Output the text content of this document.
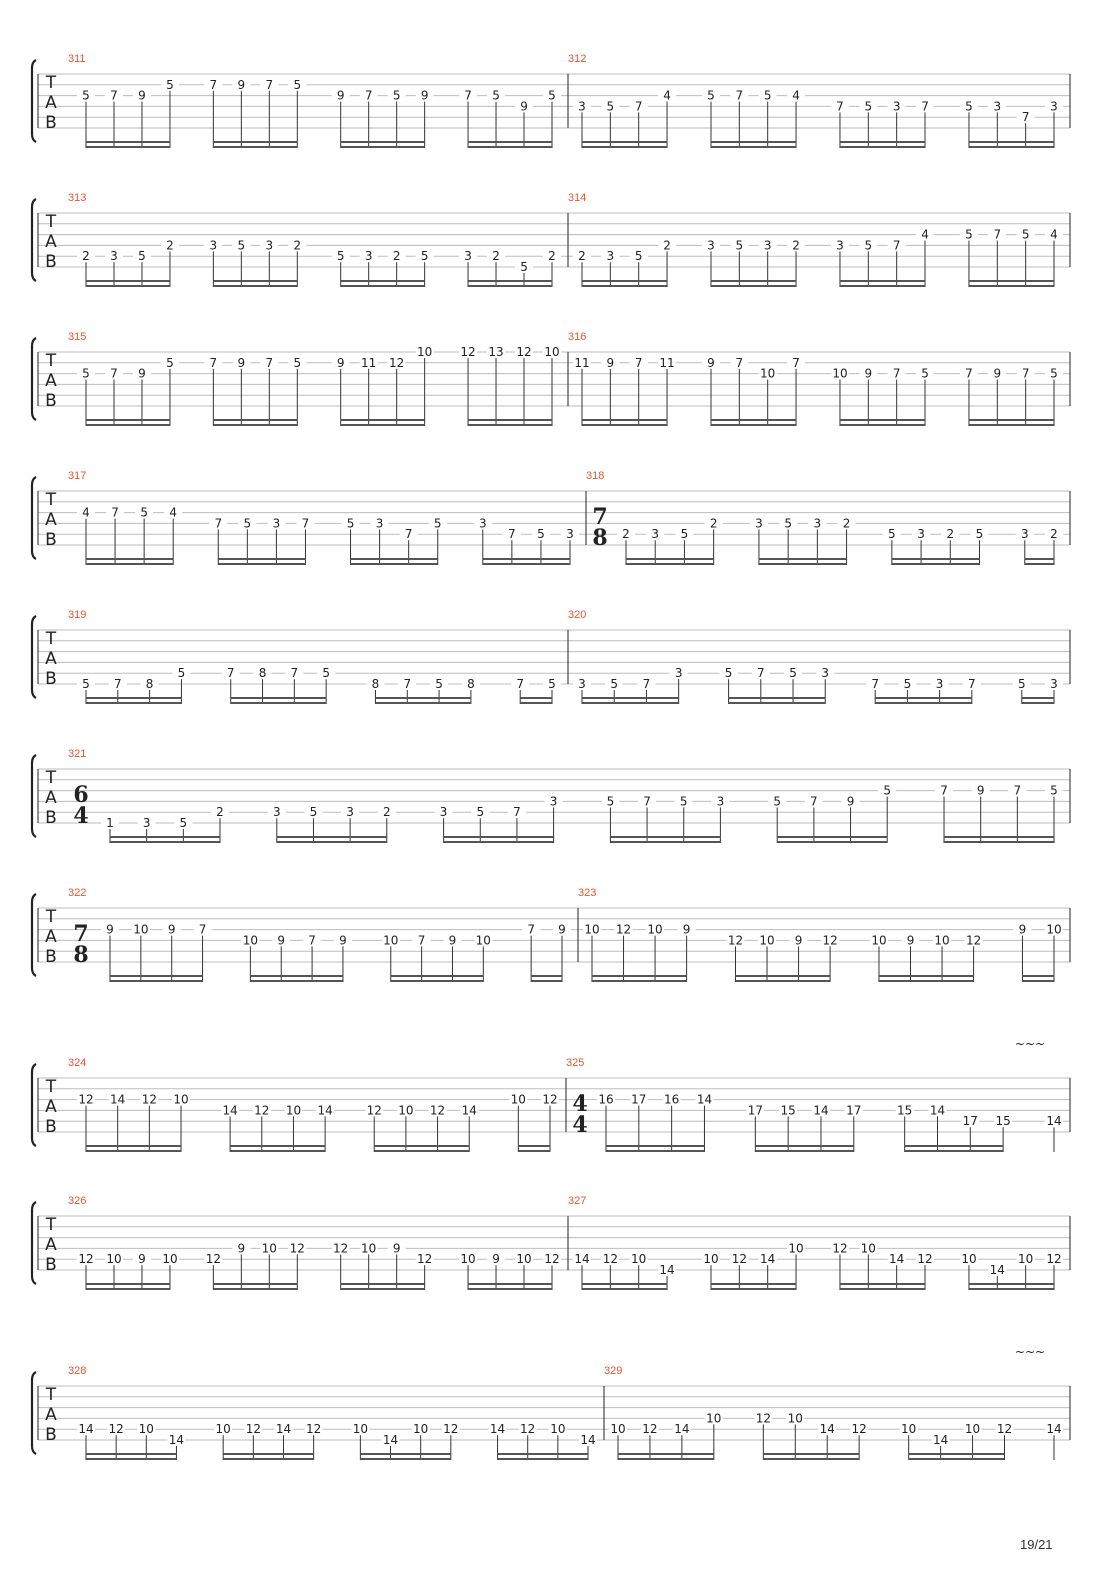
T
A
B
311
5 7 9
5	7 9 7 5
9 7 5 9	7 5
9
5
312
3 5 7
4	5 7 5 4
7 5 3 7	5 3
7
3
T
A
B
313
2 3 5
2	3 5 3 2
5 3 2 5	3 2
5
2
314
2 3 5
2	3 5 3 2	3 5 7
4	5 7 5 4
T
A
B
315
5 7 9
5	7 9 7 5	9 11 12
10 12 13 12 10
316
11 9 7 11	9 7
10
7
10 9 7 5	7 9 7 5
T
A
B
317
4 7 5 4
7 5 3 7	5 3
7
5	3
7 5 3
318
7
8 2 3 5
2	3 5 3 2
5 3 2 5	3 2
T
A
B
319
5 7 8
5	7 8 7 5
8 7 5 8	7 5
320
3 5 7
3	5 7 5 3
7 5 3 7	5 3
T
A
B
321
6
4 1 3 5
2	3 5 3 2	3 5 7
3	5 7 5 3	5 7 9
5	7 9 7 5
T
A
B
322
7
8
9 10 9 7
10 9 7 9	10 7 9 10
7 9
323
10 12 10 9
12 10 9 12	10 9 10 12
9 10
T
A
B
~~~
324
12 14 12 10
14 12 10 14	12 10 12 14
10 12
325
4
4
16 17 16 14
17 15 14 17	15 14
17 15	14
T
A
B
326
12 10 9 10 12
9 10 12 12 10 9
12 10 9 10 12
327
14 12 10
14
10 12 14
10 12 10
14 12 10
14
10 12
T
A
B
~~~
328
14 12 10
14
10 12 14 12	10
14
10 12	14 12 10
14
329
10 12 14
10	12 10
14 12	10
14
10 12	14
19/21
